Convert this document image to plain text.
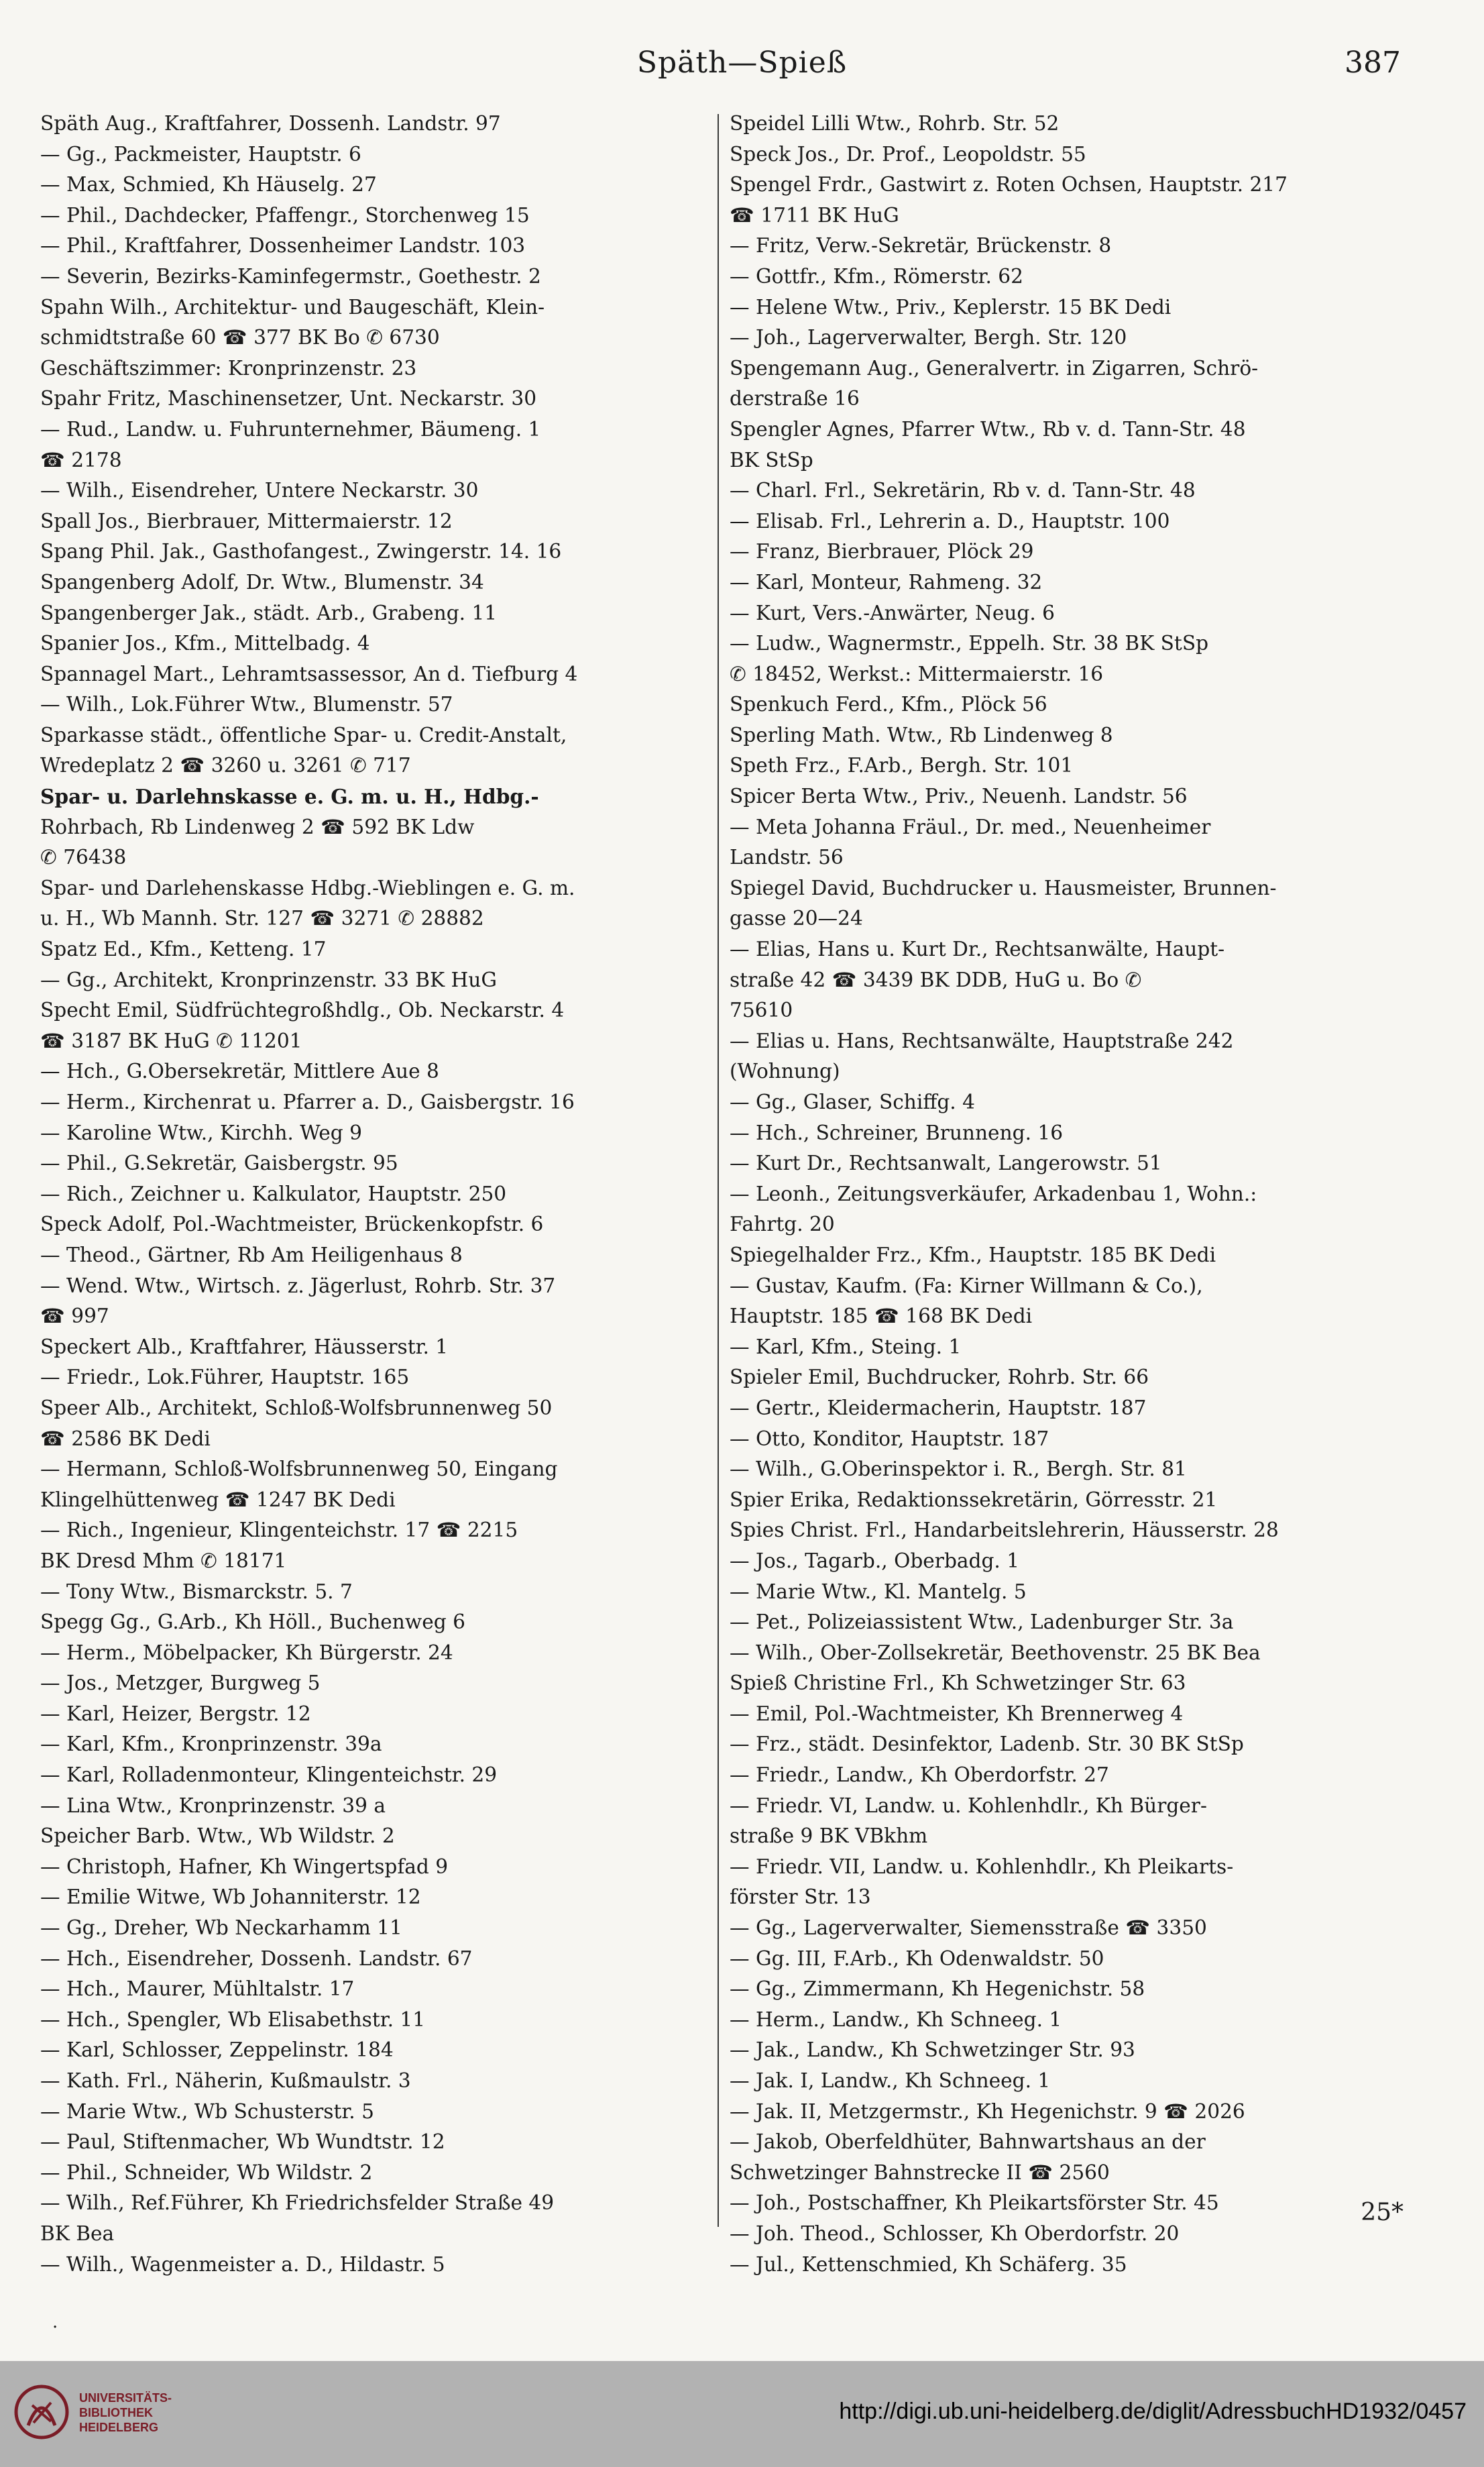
Späth—Spieß	387

Späth Aug., Kraftfahrer, Dossenh. Landstr. 97

— Gg., Packmeister, Hauptstr. 6

— Max, Schmied, Kh Häuselg. 27

— Phil., Dachdecker, Pfaffengr., Storchenweg 15

— Phil., Kraftfahrer, Dossenheimer Landstr. 103

— Severin, Bezirks-Kaminfegermstr., Goethestr. 2

Spahn Wilh., Architektur- und Baugeschäft, Klein-

schmidtstraße 60 ☎ 377 BK Bo ✆ 6730

Geschäftszimmer: Kronprinzenstr. 23

Spahr Fritz, Maschinensetzer, Unt. Neckarstr. 30

— Rud., Landw. u. Fuhrunternehmer, Bäumeng. 1

☎ 2178

— Wilh., Eisendreher, Untere Neckarstr. 30

Spall Jos., Bierbrauer, Mittermaierstr. 12

Spang Phil. Jak., Gasthofangest., Zwingerstr. 14. 16

Spangenberg Adolf, Dr. Wtw., Blumenstr. 34

Spangenberger Jak., städt. Arb., Grabeng. 11

Spanier Jos., Kfm., Mittelbadg. 4

Spannagel Mart., Lehramtsassessor, An d. Tiefburg 4

— Wilh., Lok.Führer Wtw., Blumenstr. 57

Sparkasse städt., öffentliche Spar- u. Credit-Anstalt,

Wredeplatz 2 ☎ 3260 u. 3261 ✆ 717

Spar- u. Darlehnskasse e. G. m. u. H., Hdbg.-

Rohrbach, Rb Lindenweg 2 ☎ 592 BK Ldw

✆ 76438

Spar- und Darlehenskasse Hdbg.-Wieblingen e. G. m.

u. H., Wb Mannh. Str. 127 ☎ 3271 ✆ 28882

Spatz Ed., Kfm., Ketteng. 17

— Gg., Architekt, Kronprinzenstr. 33 BK HuG

Specht Emil, Südfrüchtegroßhdlg., Ob. Neckarstr. 4

☎ 3187 BK HuG ✆ 11201

— Hch., G.Obersekretär, Mittlere Aue 8

— Herm., Kirchenrat u. Pfarrer a. D., Gaisbergstr. 16

— Karoline Wtw., Kirchh. Weg 9

— Phil., G.Sekretär, Gaisbergstr. 95

— Rich., Zeichner u. Kalkulator, Hauptstr. 250

Speck Adolf, Pol.-Wachtmeister, Brückenkopfstr. 6

— Theod., Gärtner, Rb Am Heiligenhaus 8

— Wend. Wtw., Wirtsch. z. Jägerlust, Rohrb. Str. 37

☎ 997

Speckert Alb., Kraftfahrer, Häusserstr. 1

— Friedr., Lok.Führer, Hauptstr. 165

Speer Alb., Architekt, Schloß-Wolfsbrunnenweg 50

☎ 2586 BK Dedi

— Hermann, Schloß-Wolfsbrunnenweg 50, Eingang

Klingelhüttenweg ☎ 1247 BK Dedi

— Rich., Ingenieur, Klingenteichstr. 17 ☎ 2215

BK Dresd Mhm ✆ 18171

— Tony Wtw., Bismarckstr. 5. 7

Spegg Gg., G.Arb., Kh Höll., Buchenweg 6

— Herm., Möbelpacker, Kh Bürgerstr. 24

— Jos., Metzger, Burgweg 5

— Karl, Heizer, Bergstr. 12

— Karl, Kfm., Kronprinzenstr. 39a

— Karl, Rolladenmonteur, Klingenteichstr. 29

— Lina Wtw., Kronprinzenstr. 39 a

Speicher Barb. Wtw., Wb Wildstr. 2

— Christoph, Hafner, Kh Wingertspfad 9

— Emilie Witwe, Wb Johanniterstr. 12

— Gg., Dreher, Wb Neckarhamm 11

— Hch., Eisendreher, Dossenh. Landstr. 67

— Hch., Maurer, Mühltalstr. 17

— Hch., Spengler, Wb Elisabethstr. 11

— Karl, Schlosser, Zeppelinstr. 184

— Kath. Frl., Näherin, Kußmaulstr. 3

— Marie Wtw., Wb Schusterstr. 5

— Paul, Stiftenmacher, Wb Wundtstr. 12

— Phil., Schneider, Wb Wildstr. 2

— Wilh., Ref.Führer, Kh Friedrichsfelder Straße 49

BK Bea

— Wilh., Wagenmeister a. D., Hildastr. 5

Speidel Lilli Wtw., Rohrb. Str. 52

Speck Jos., Dr. Prof., Leopoldstr. 55

Spengel Frdr., Gastwirt z. Roten Ochsen, Hauptstr. 217

☎ 1711 BK HuG

— Fritz, Verw.-Sekretär, Brückenstr. 8

— Gottfr., Kfm., Römerstr. 62

— Helene Wtw., Priv., Keplerstr. 15 BK Dedi

— Joh., Lagerverwalter, Bergh. Str. 120

Spengemann Aug., Generalvertr. in Zigarren, Schrö-

derstraße 16

Spengler Agnes, Pfarrer Wtw., Rb v. d. Tann-Str. 48

BK StSp

— Charl. Frl., Sekretärin, Rb v. d. Tann-Str. 48

— Elisab. Frl., Lehrerin a. D., Hauptstr. 100

— Franz, Bierbrauer, Plöck 29

— Karl, Monteur, Rahmeng. 32

— Kurt, Vers.-Anwärter, Neug. 6

— Ludw., Wagnermstr., Eppelh. Str. 38 BK StSp

✆ 18452, Werkst.: Mittermaierstr. 16

Spenkuch Ferd., Kfm., Plöck 56

Sperling Math. Wtw., Rb Lindenweg 8

Speth Frz., F.Arb., Bergh. Str. 101

Spicer Berta Wtw., Priv., Neuenh. Landstr. 56

— Meta Johanna Fräul., Dr. med., Neuenheimer

Landstr. 56

Spiegel David, Buchdrucker u. Hausmeister, Brunnen-

gasse 20—24

— Elias, Hans u. Kurt Dr., Rechtsanwälte, Haupt-

straße 42 ☎ 3439 BK DDB, HuG u. Bo ✆

75610

— Elias u. Hans, Rechtsanwälte, Hauptstraße 242

(Wohnung)

— Gg., Glaser, Schiffg. 4

— Hch., Schreiner, Brunneng. 16

— Kurt Dr., Rechtsanwalt, Langerowstr. 51

— Leonh., Zeitungsverkäufer, Arkadenbau 1, Wohn.:

Fahrtg. 20

Spiegelhalder Frz., Kfm., Hauptstr. 185 BK Dedi

— Gustav, Kaufm. (Fa: Kirner Willmann & Co.),

Hauptstr. 185 ☎ 168 BK Dedi

— Karl, Kfm., Steing. 1

Spieler Emil, Buchdrucker, Rohrb. Str. 66

— Gertr., Kleidermacherin, Hauptstr. 187

— Otto, Konditor, Hauptstr. 187

— Wilh., G.Oberinspektor i. R., Bergh. Str. 81

Spier Erika, Redaktionssekretärin, Görresstr. 21

Spies Christ. Frl., Handarbeitslehrerin, Häusserstr. 28

— Jos., Tagarb., Oberbadg. 1

— Marie Wtw., Kl. Mantelg. 5

— Pet., Polizeiassistent Wtw., Ladenburger Str. 3a

— Wilh., Ober-Zollsekretär, Beethovenstr. 25 BK Bea

Spieß Christine Frl., Kh Schwetzinger Str. 63

— Emil, Pol.-Wachtmeister, Kh Brennerweg 4

— Frz., städt. Desinfektor, Ladenb. Str. 30 BK StSp

— Friedr., Landw., Kh Oberdorfstr. 27

— Friedr. VI, Landw. u. Kohlenhdlr., Kh Bürger-

straße 9 BK VBkhm

— Friedr. VII, Landw. u. Kohlenhdlr., Kh Pleikarts-

förster Str. 13

— Gg., Lagerverwalter, Siemensstraße ☎ 3350

— Gg. III, F.Arb., Kh Odenwaldstr. 50

— Gg., Zimmermann, Kh Hegenichstr. 58

— Herm., Landw., Kh Schneeg. 1

— Jak., Landw., Kh Schwetzinger Str. 93

— Jak. I, Landw., Kh Schneeg. 1

— Jak. II, Metzgermstr., Kh Hegenichstr. 9 ☎ 2026

— Jakob, Oberfeldhüter, Bahnwartshaus an der

Schwetzinger Bahnstrecke II ☎ 2560

— Joh., Postschaffner, Kh Pleikartsförster Str. 45

— Joh. Theod., Schlosser, Kh Oberdorfstr. 20

— Jul., Kettenschmied, Kh Schäferg. 35

25*
·
UNIVERSITÄTS-
BIBLIOTHEK
HEIDELBERG
http://digi.ub.uni-heidelberg.de/diglit/AdressbuchHD1932/0457
